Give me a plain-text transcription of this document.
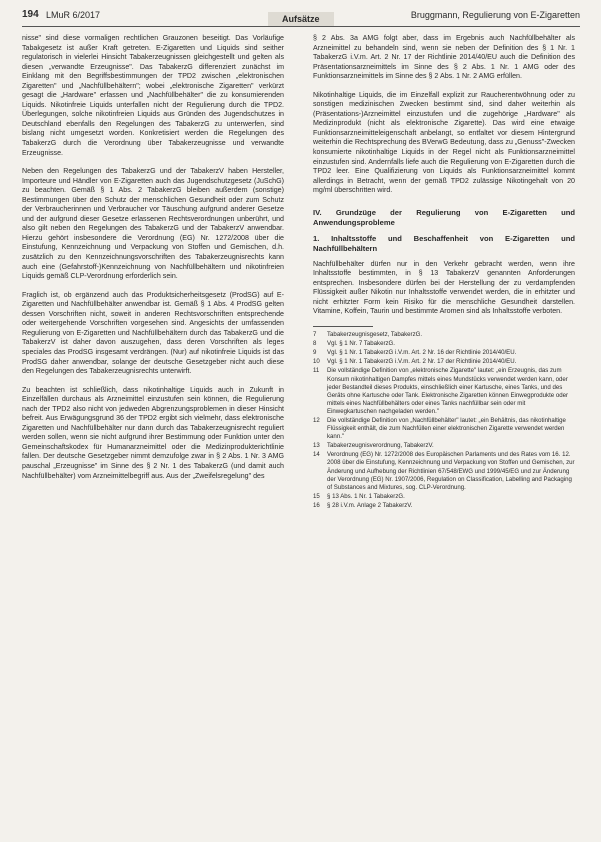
194 LMuR 6/2017	Aufsätze	Bruggmann, Regulierung von E-Zigaretten

nisse" sind diese vormaligen rechtlichen Grauzonen beseitigt. Das Vorläufige Tabakgesetz ist außer Kraft getreten. E-Zigaretten und Liquids sind seither regulatorisch in vielerlei Hinsicht Tabakerzeugnissen gleichgestellt und gelten als diesen „verwandte Erzeugnisse". Das TabakerzG differenziert zunächst im Einklang mit den Begriffsbestimmungen der TPD2 zwischen „elektronischen Zigaretten" und „Nachfüllbehältern"; wobei „elektronische Zigaretten" verkürzt gesagt die „Hardware" erfassen und „Nachfüllbehälter" die zu konsumierenden Liquids. Nikotinfreie Liquids unterfallen nicht der Regulierung durch die TPD2. Überlegungen, solche nikotinfreien Liquids aus Gründen des Jugendschutzes in Deutschland ebenfalls den Regelungen des TabakerzG zu unterwerfen, sind bislang nicht umgesetzt worden. Konkretisiert werden die Regelungen des TabakerzG durch die Verordnung über Tabakerzeugnisse und verwandte Erzeugnisse.

Neben den Regelungen des TabakerzG und der TabakerzV haben Hersteller, Importeure und Händler von E-Zigaretten auch das Jugendschutzgesetz (JuSchG) zu beachten. Gemäß § 1 Abs. 2 TabakerzG bleiben außerdem (sonstige) Bestimmungen über den Schutz der menschlichen Gesundheit oder zum Schutz der Verbraucherinnen und Verbraucher vor Täuschung aufgrund anderer Gesetze und der aufgrund dieser Gesetze erlassenen Rechtsverordnungen unberührt, und also gilt neben den Regelungen des TabakerzG und der TabakerzV anwendbar. Hierzu gehört insbesondere die Verordnung (EG) Nr. 1272/2008 über die Einstufung, Kennzeichnung und Verpackung von Stoffen und Gemischen, d.h. zusätzlich zu den Kennzeichnungsvorschriften des Tabakerzeugnisrechts kann auch eine (Gefahrstoff-)Kennzeichnung von Nachfüllbehältern und nikotinfreien Liquids gemäß CLP-Verordnung erforderlich sein.

Fraglich ist, ob ergänzend auch das Produktsicherheitsgesetz (ProdSG) auf E-Zigaretten und Nachfüllbehälter anwendbar ist. Gemäß § 1 Abs. 4 ProdSG gelten dessen Vorschriften nicht, soweit in anderen Rechtsvorschriften entsprechende oder weitergehende Vorschriften vorgesehen sind. Angesichts der umfassenden Regulierung von E-Zigaretten und Nachfüllbehältern durch das TabakerzG und die TabakerzV ist daher davon auszugehen, dass deren Vorschriften als leges speciales das ProdSG insgesamt verdrängen. (Nur) auf nikotinfreie Liquids ist das ProdSG daher anwendbar, solange der deutsche Gesetzgeber nicht auch diese den Regelungen des Tabakerzeugnisrechts unterwirft.

Zu beachten ist schließlich, dass nikotinhaltige Liquids auch in Zukunft in Einzelfällen durchaus als Arzneimittel einzustufen sein können, die Regulierung nach der TPD2 also nicht von jedweden Abgrenzungsproblemen in dieser Hinsicht befreit. Aus Erwägungsgrund 36 der TPD2 ergibt sich vielmehr, dass elektronische Zigaretten und Nachfüllbehälter nur dann durch das Tabakerzeugnisrecht reguliert werden sollen, wenn sie nicht aufgrund ihrer Bestimmung oder Funktion unter den Gemeinschaftskodex für Humanarzneimittel oder die Medizinprodukterichtlinie fallen. Der deutsche Gesetzgeber nimmt demzufolge zwar in § 2 Abs. 1 Nr. 3 AMG pauschal „Erzeugnisse" im Sinne des § 2 Nr. 1 des TabakerzG (und damit auch Nachfüllbehälter) vom Arzneimittelbegriff aus. Aus der „Zweifelsregelung" des

§ 2 Abs. 3a AMG folgt aber, dass im Ergebnis auch Nachfüllbehälter als Arzneimittel zu behandeln sind, wenn sie neben der Definition des § 1 Nr. 1 TabakerzG i.V.m. Art. 2 Nr. 17 der Richtlinie 2014/40/EU auch die Definition des Präsentationsarzneimittels im Sinne des § 2 Abs. 1 Nr. 1 AMG oder des Funktionsarzneimittels im Sinne des § 2 Abs. 1 Nr. 2 AMG erfüllen.

Nikotinhaltige Liquids, die im Einzelfall explizit zur Raucherentwöhnung oder zu sonstigen medizinischen Zwecken bestimmt sind, sind daher weiterhin als (Präsentations-)Arzneimittel einzustufen und die zugehörige „Hardware" als Medizinprodukt (nicht als elektronische Zigarette). Das wird eine etwaige Funktionsarzneimitteleigenschaft anbelangt, so entfaltet vor diesem Hintergrund weiterhin die Rechtsprechung des BVerwG Bedeutung, dass zu „Genuss"-Zwecken konsumierte nikotinhaltige Liquids in der Regel nicht als Funktionsarzneimittel einzustufen sind. Andernfalls liefe auch die Regulierung von E-Zigaretten durch die TPD2 leer. Eine Qualifizierung von Liquids als Funktionsarzneimittel kommt allerdings in Betracht, wenn der gemäß TPD2 zulässige Nikotingehalt von 20 mg/ml überschritten wird.

IV. Grundzüge der Regulierung von E-Zigaretten und Anwendungsprobleme
1. Inhaltsstoffe und Beschaffenheit von E-Zigaretten und Nachfüllbehältern

Nachfüllbehälter dürfen nur in den Verkehr gebracht werden, wenn ihre Inhaltsstoffe bestimmten, in § 13 TabakerzV genannten Anforderungen entsprechen. Insbesondere dürfen bei der Herstellung der zu verdampfenden Flüssigkeit außer Nikotin nur Inhaltsstoffe verwendet werden, die in erhitzter und nicht erhitzter Form kein Risiko für die menschliche Gesundheit darstellen. Vitamine, Koffein, Taurin und bestimmte Aromen sind als Inhaltsstoffe verboten.

7	Tabakerzeugnisgesetz, TabakerzG.
8	Vgl. § 1 Nr. 7 TabakerzG.
9	Vgl. § 1 Nr. 1 TabakerzG i.V.m. Art. 2 Nr. 16 der Richtlinie 2014/40/EU.
10	Vgl. § 1 Nr. 1 TabakerzG i.V.m. Art. 2 Nr. 17 der Richtlinie 2014/40/EU.
11	Die vollständige Definition von „elektronische Zigarette" lautet: „ein Erzeugnis, das zum Konsum nikotinhaltigen Dampfes mittels eines Mundstücks verwendet werden kann, oder jeder Bestandteil dieses Produkts, einschließlich einer Kartusche, eines Tanks, und des Geräts ohne Kartusche oder Tank. Elektronische Zigaretten können Einwegprodukte oder mittels eines Nachfüllbehälters oder eines Tanks nachfüllbar sein oder mit Einwegkartuschen nachgeladen werden."
12	Die vollständige Definition von „Nachfüllbehälter" lautet: „ein Behältnis, das nikotinhaltige Flüssigkeit enthält, die zum Nachfüllen einer elektronischen Zigarette verwendet werden kann."
13	Tabakerzeugnisverordnung, TabakerzV.
14	Verordnung (EG) Nr. 1272/2008 des Europäischen Parlaments und des Rates vom 16. 12. 2008 über die Einstufung, Kennzeichnung und Verpackung von Stoffen und Gemischen, zur Änderung und Aufhebung der Richtlinien 67/548/EWG und 1999/45/EG und zur Änderung der Verordnung (EG) Nr. 1907/2006, Regulation on Classification, Labelling and Packaging of Substances and Mixtures, sog. CLP-Verordnung.
15	§ 13 Abs. 1 Nr. 1 TabakerzG.
16	§ 28 i.V.m. Anlage 2 TabakerzV.
